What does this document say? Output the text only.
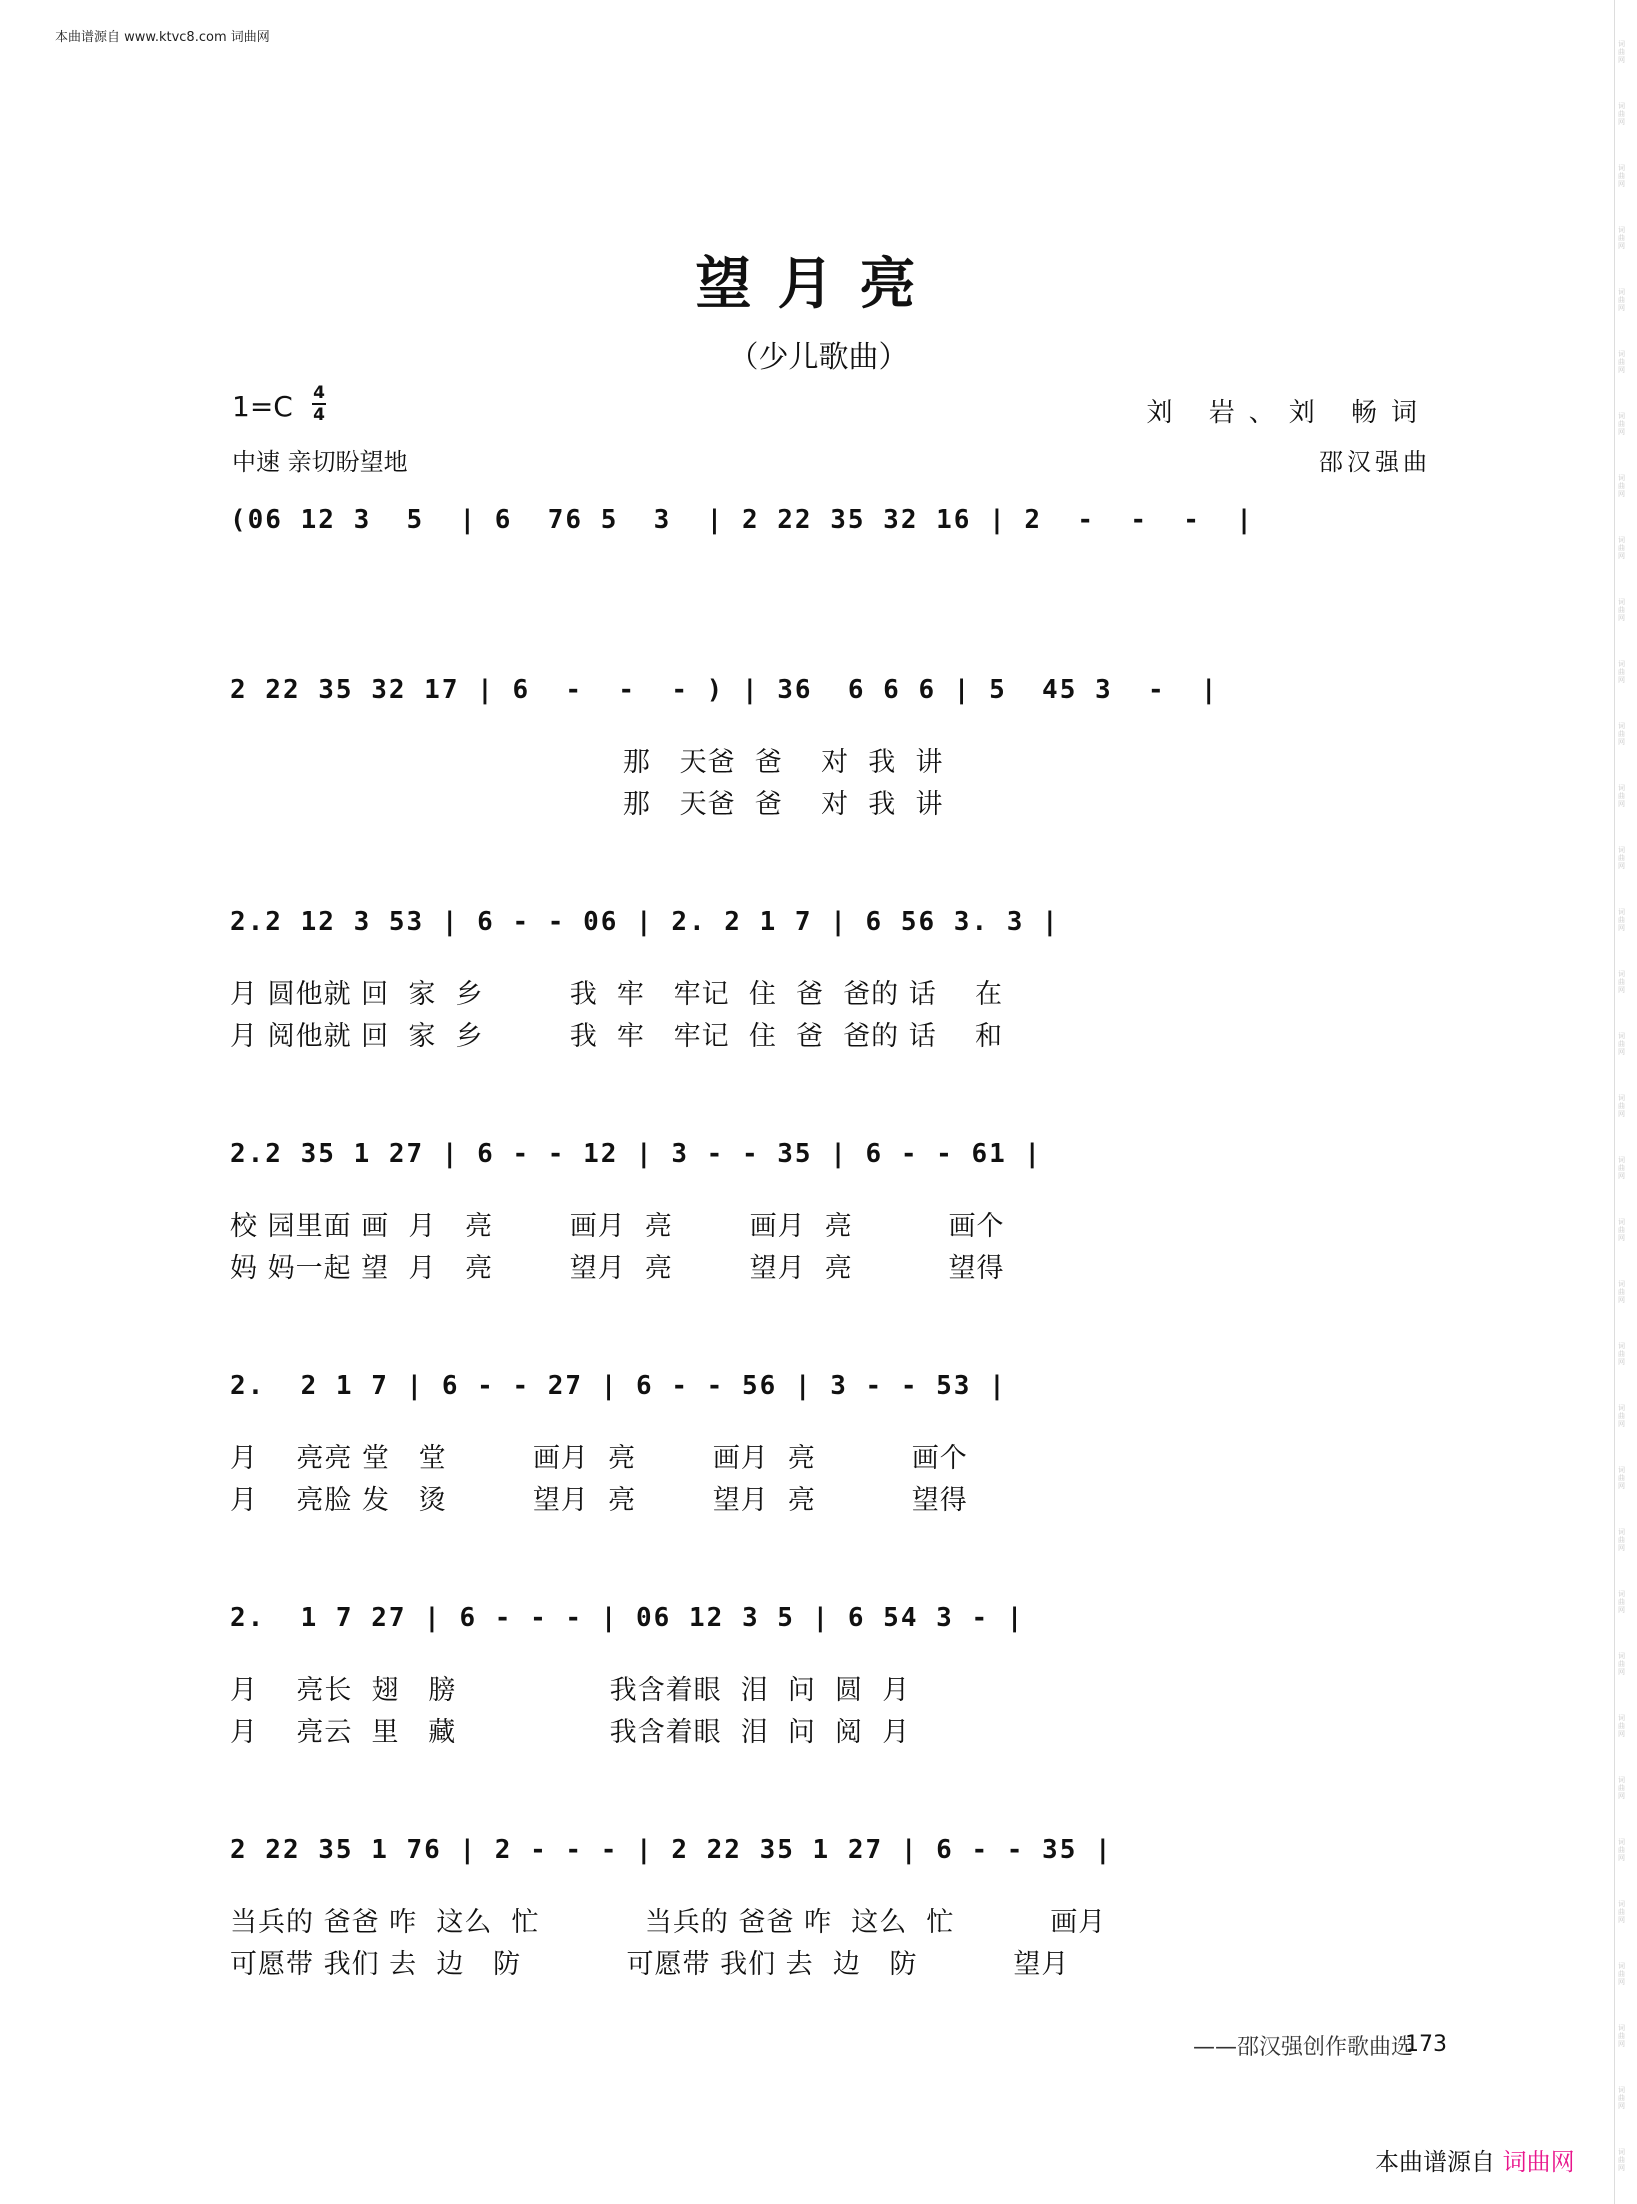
本曲谱源自 www.ktvc8.com 词曲网
望月亮
（少儿歌曲）
1=C 4
4
中速 亲切盼望地
刘 岩、刘 畅词
邵汉强曲
(06 12 3  5  | 6  76 5  3  | 2 22 35 32 16 | 2  -  -  -  |
2 22 35 32 17 | 6  -  -  - ) | 36  6 6 6 | 5  45 3  -  |
那   天爸  爸    对  我  讲
那   天爸  爸    对  我  讲
2.2 12 3 53 | 6 - - 06 | 2. 2 1 7 | 6 56 3. 3 |
月 圆他就 回  家  乡         我  牢   牢记  住  爸  爸的 话    在
月 阅他就 回  家  乡         我  牢   牢记  住  爸  爸的 话    和
2.2 35 1 27 | 6 - - 12 | 3 - - 35 | 6 - - 61 |
校 园里面 画  月   亮        画月  亮        画月  亮          画个
妈 妈一起 望  月   亮        望月  亮        望月  亮          望得
2.  2 1 7 | 6 - - 27 | 6 - - 56 | 3 - - 53 |
月    亮亮 堂   堂         画月  亮        画月  亮          画个
月    亮脸 发   烫         望月  亮        望月  亮          望得
2.  1 7 27 | 6 - - - | 06 12 3 5 | 6 54 3 - |
月    亮长  翅   膀                我含着眼  泪  问  圆  月
月    亮云  里   藏                我含着眼  泪  问  阅  月
2 22 35 1 76 | 2 - - - | 2 22 35 1 27 | 6 - - 35 |
当兵的 爸爸 咋  这么  忙           当兵的 爸爸 咋  这么  忙          画月
可愿带 我们 去  边   防           可愿带 我们 去  边   防          望月
——邵汉强创作歌曲选
173
本曲谱源自 词曲网
词
曲
网
词
曲
网
词
曲
网
词
曲
网
词
曲
网
词
曲
网
词
曲
网
词
曲
网
词
曲
网
词
曲
网
词
曲
网
词
曲
网
词
曲
网
词
曲
网
词
曲
网
词
曲
网
词
曲
网
词
曲
网
词
曲
网
词
曲
网
词
曲
网
词
曲
网
词
曲
网
词
曲
网
词
曲
网
词
曲
网
词
曲
网
词
曲
网
词
曲
网
词
曲
网
词
曲
网
词
曲
网
词
曲
网
词
曲
网
词
曲
网
